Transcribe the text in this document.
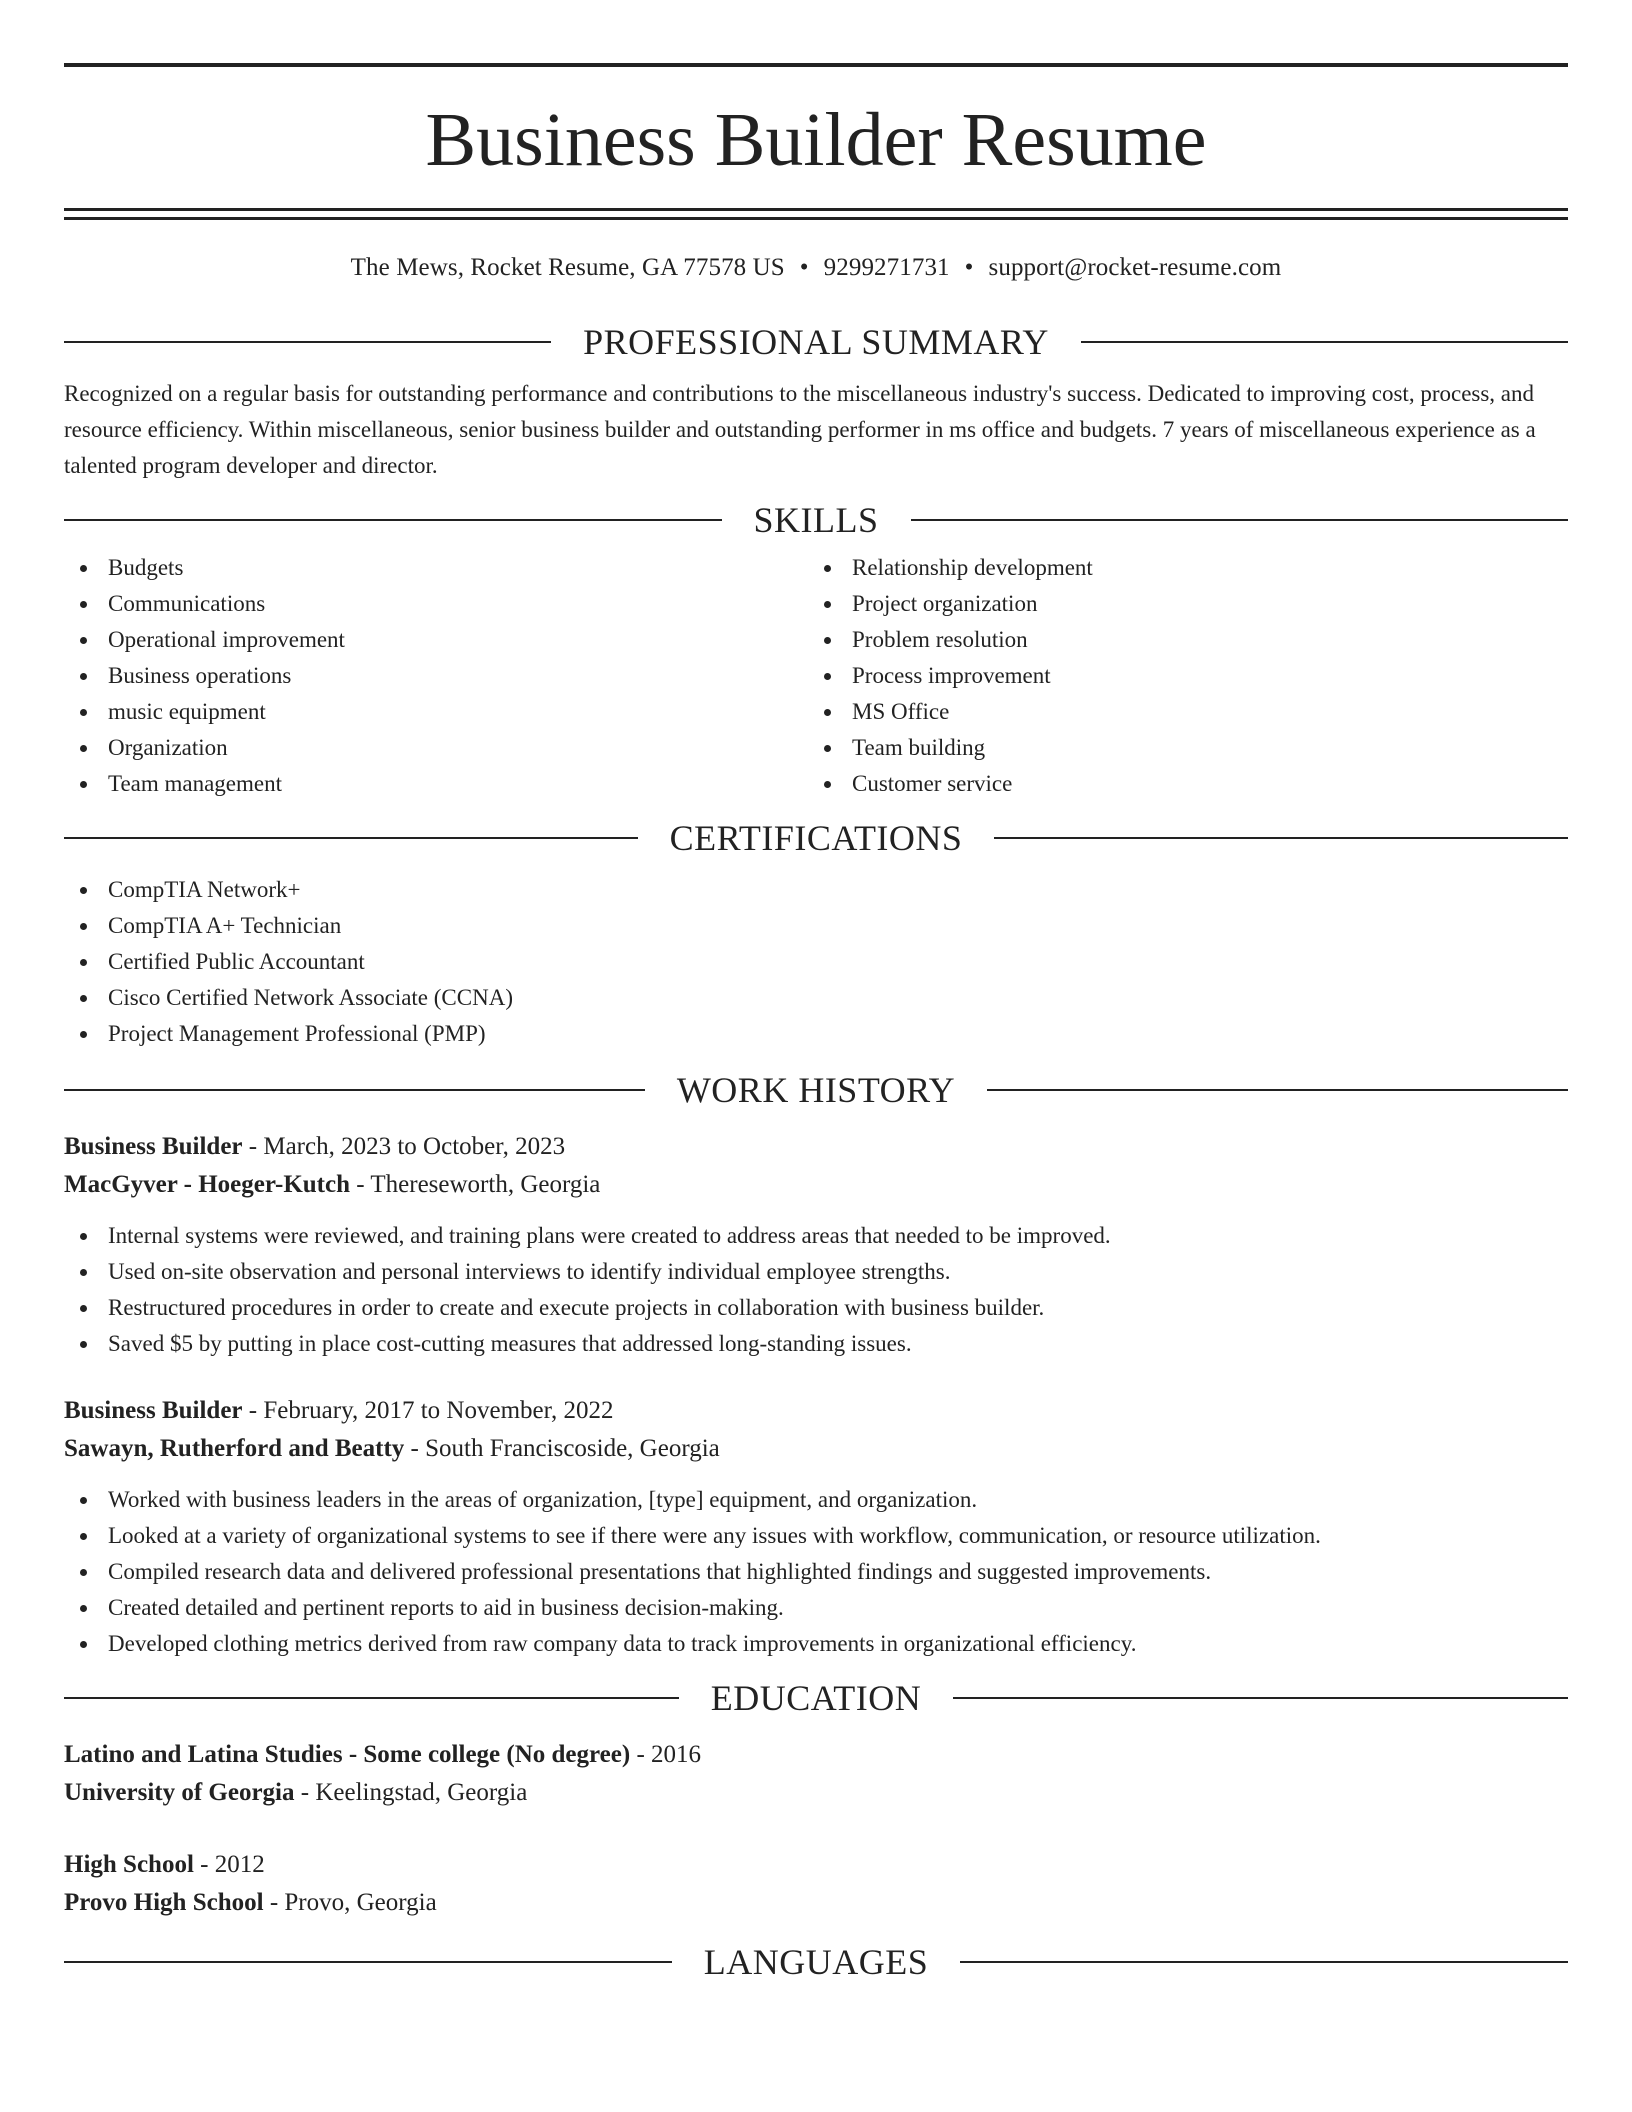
Business Builder Resume
The Mews, Rocket Resume, GA 77578 US • 9299271731 • support@rocket-resume.com
PROFESSIONAL SUMMARY
Recognized on a regular basis for outstanding performance and contributions to the miscellaneous industry's success. Dedicated to improving cost, process, and resource efficiency. Within miscellaneous, senior business builder and outstanding performer in ms office and budgets. 7 years of miscellaneous experience as a talented program developer and director.
SKILLS
Budgets
Communications
Operational improvement
Business operations
music equipment
Organization
Team management
Relationship development
Project organization
Problem resolution
Process improvement
MS Office
Team building
Customer service
CERTIFICATIONS
CompTIA Network+
CompTIA A+ Technician
Certified Public Accountant
Cisco Certified Network Associate (CCNA)
Project Management Professional (PMP)
WORK HISTORY
Business Builder - March, 2023 to October, 2023
MacGyver - Hoeger-Kutch - Thereseworth, Georgia
Internal systems were reviewed, and training plans were created to address areas that needed to be improved.
Used on-site observation and personal interviews to identify individual employee strengths.
Restructured procedures in order to create and execute projects in collaboration with business builder.
Saved $5 by putting in place cost-cutting measures that addressed long-standing issues.
Business Builder - February, 2017 to November, 2022
Sawayn, Rutherford and Beatty - South Franciscoside, Georgia
Worked with business leaders in the areas of organization, [type] equipment, and organization.
Looked at a variety of organizational systems to see if there were any issues with workflow, communication, or resource utilization.
Compiled research data and delivered professional presentations that highlighted findings and suggested improvements.
Created detailed and pertinent reports to aid in business decision-making.
Developed clothing metrics derived from raw company data to track improvements in organizational efficiency.
EDUCATION
Latino and Latina Studies - Some college (No degree) - 2016
University of Georgia - Keelingstad, Georgia
High School - 2012
Provo High School - Provo, Georgia
LANGUAGES
